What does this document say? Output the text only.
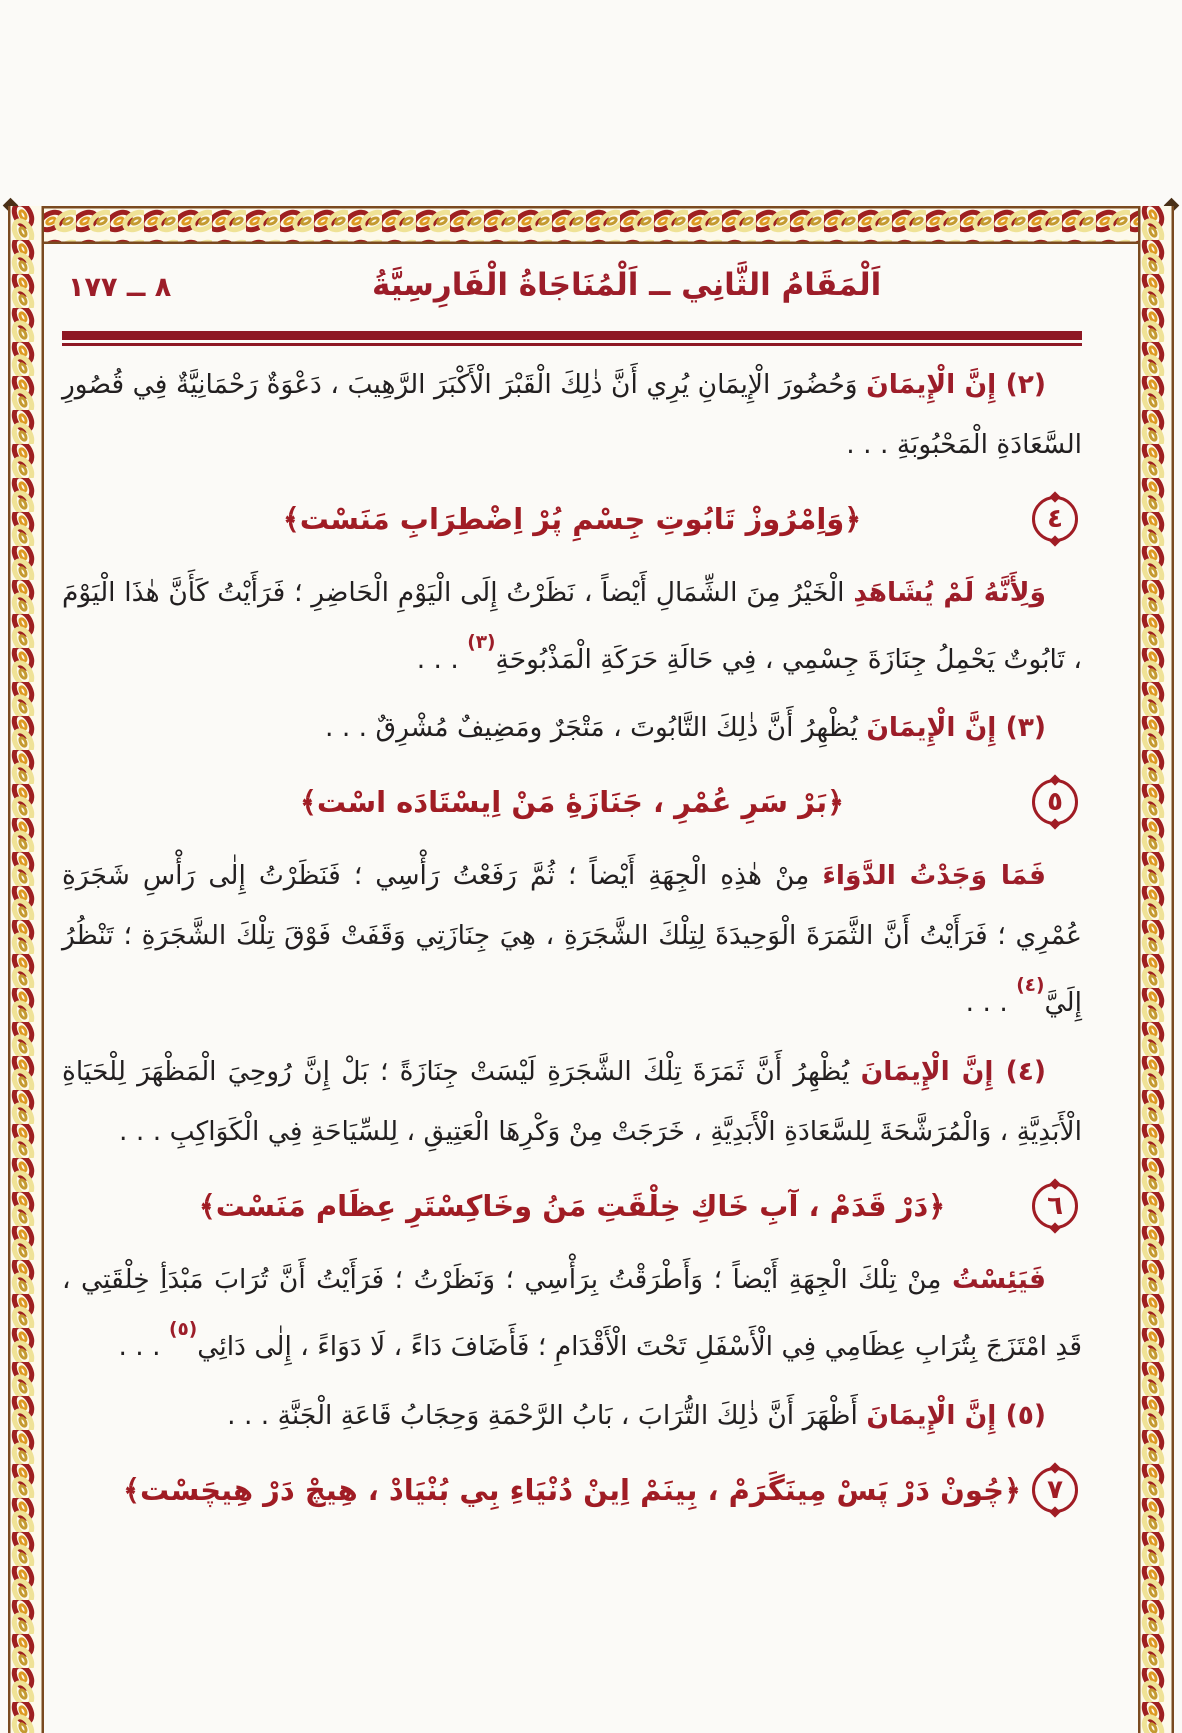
اَلْمَقَامُ الثَّانِي ــ اَلْمُنَاجَاةُ الْفَارِسِيَّةُ
٨ ــ ١٧٧

(٢) إِنَّ الْإِيمَانَ وَحُضُورَ الْإِيمَانِ يُرِي أَنَّ ذٰلِكَ الْقَبْرَ الْأَكْبَرَ الرَّهِيبَ ، دَعْوَةٌ رَحْمَانِيَّةٌ فِي قُصُورِ السَّعَادَةِ الْمَحْبُوبَةِ . . .

٤
﴿وَاِمْرُوزْ تَابُوتِ جِسْمِ پُرْ اِضْطِرَابِ مَنَسْت﴾

وَلِأَنَّهُ لَمْ يُشَاهَدِ الْخَيْرُ مِنَ الشِّمَالِ أَيْضاً ، نَظَرْتُ إِلَى الْيَوْمِ الْحَاضِرِ ؛ فَرَأَيْتُ كَأَنَّ هٰذَا الْيَوْمَ ، تَابُوتٌ يَحْمِلُ جِنَازَةَ جِسْمِي ، فِي حَالَةِ حَرَكَةِ الْمَذْبُوحَةِ$^{(٣)}$ . . .

(٣) إِنَّ الْإِيمَانَ يُظْهِرُ أَنَّ ذٰلِكَ التَّابُوتَ ، مَتْجَرٌ ومَضِيفٌ مُشْرِقٌ . . .

٥
﴿بَرْ سَرِ عُمْرِ ، جَنَازَۀِ مَنْ اِيسْتَادَه اسْت﴾

فَمَا وَجَدْتُ الدَّوَاءَ مِنْ هٰذِهِ الْجِهَةِ أَيْضاً ؛ ثُمَّ رَفَعْتُ رَأْسِي ؛ فَنَظَرْتُ إِلٰى رَأْسِ شَجَرَةِ عُمْرِي ؛ فَرَأَيْتُ أَنَّ الثَّمَرَةَ الْوَحِيدَةَ لِتِلْكَ الشَّجَرَةِ ، هِيَ جِنَازَتِي وَقَفَتْ فَوْقَ تِلْكَ الشَّجَرَةِ ؛ تَنْظُرُ إِلَيَّ$^{(٤)}$ . . .

(٤) إِنَّ الْإِيمَانَ يُظْهِرُ أَنَّ ثَمَرَةَ تِلْكَ الشَّجَرَةِ لَيْسَتْ جِنَازَةً ؛ بَلْ إِنَّ رُوحِيَ الْمَظْهَرَ لِلْحَيَاةِ الْأَبَدِيَّةِ ، وَالْمُرَشَّحَةَ لِلسَّعَادَةِ الْأَبَدِيَّةِ ، خَرَجَتْ مِنْ وَكْرِهَا الْعَتِيقِ ، لِلسِّيَاحَةِ فِي الْكَوَاكِبِ . . .

٦
﴿دَرْ قَدَمْ ، آبِ خَاكِ خِلْقَتِ مَنُ وخَاكِسْتَرِ عِظَام مَنَسْت﴾

فَيَئِسْتُ مِنْ تِلْكَ الْجِهَةِ أَيْضاً ؛ وَأَطْرَقْتُ بِرَأْسِي ؛ وَنَظَرْتُ ؛ فَرَأَيْتُ أَنَّ تُرَابَ مَبْدَأِ خِلْقَتِي ، قَدِ امْتَزَجَ بِتُرَابِ عِظَامِي فِي الْأَسْفَلِ تَحْتَ الْأَقْدَامِ ؛ فَأَضَافَ دَاءً ، لَا دَوَاءً ، إِلٰى دَائِي$^{(٥)}$ . . .

(٥) إِنَّ الْإِيمَانَ أَظْهَرَ أَنَّ ذٰلِكَ التُّرَابَ ، بَابُ الرَّحْمَةِ وَحِجَابُ قَاعَةِ الْجَنَّةِ . . .

٧
﴿چُونْ دَرْ پَسْ مِينَگَرَمْ ، بِينَمْ اِينْ دُنْيَاءِ بِي بُنْيَادْ ، هِيچْ دَرْ هِيچَسْت﴾
